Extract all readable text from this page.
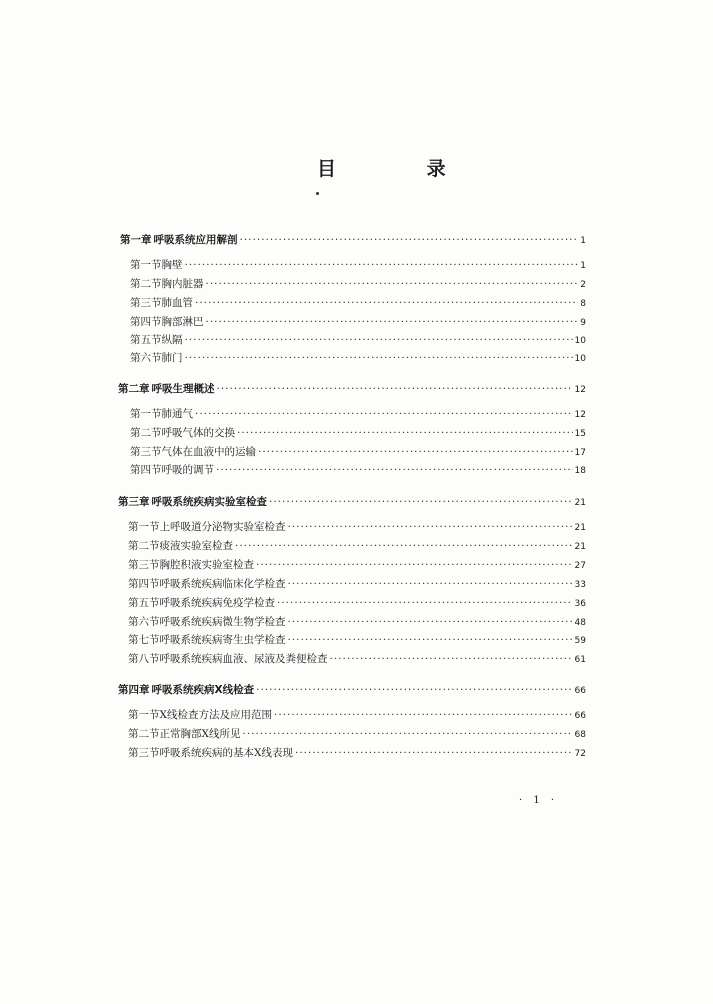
目 录
第一章 呼吸系统应用解剖 ·····	1
第一节 胸壁 ·····	1
第二节 胸内脏器 ·····	2
第三节 肺血管 ·····	8
第四节 胸部淋巴 ·····	9
第五节 纵隔 ·····	10
第六节 肺门 ·····	10
第二章 呼吸生理概述 ·····	12
第一节 肺通气 ·····	12
第二节 呼吸气体的交换 ·····	15
第三节 气体在血液中的运输 ·····	17
第四节 呼吸的调节 ·····	18
第三章 呼吸系统疾病实验室检查 ·····	21
第一节 上呼吸道分泌物实验室检查 ·····	21
第二节 痰液实验室检查 ·····	21
第三节 胸腔积液实验室检查 ·····	27
第四节 呼吸系统疾病临床化学检查 ·····	33
第五节 呼吸系统疾病免疫学检查 ·····	36
第六节 呼吸系统疾病微生物学检查 ·····	48
第七节 呼吸系统疾病寄生虫学检查 ·····	59
第八节 呼吸系统疾病血液、尿液及粪便检查 ·····	61
第四章 呼吸系统疾病X线检查 ·····	66
第一节 X线检查方法及应用范围 ·····	66
第二节 正常胸部X线所见 ·····	68
第三节 呼吸系统疾病的基本X线表现 ·····	72
· 1 ·
